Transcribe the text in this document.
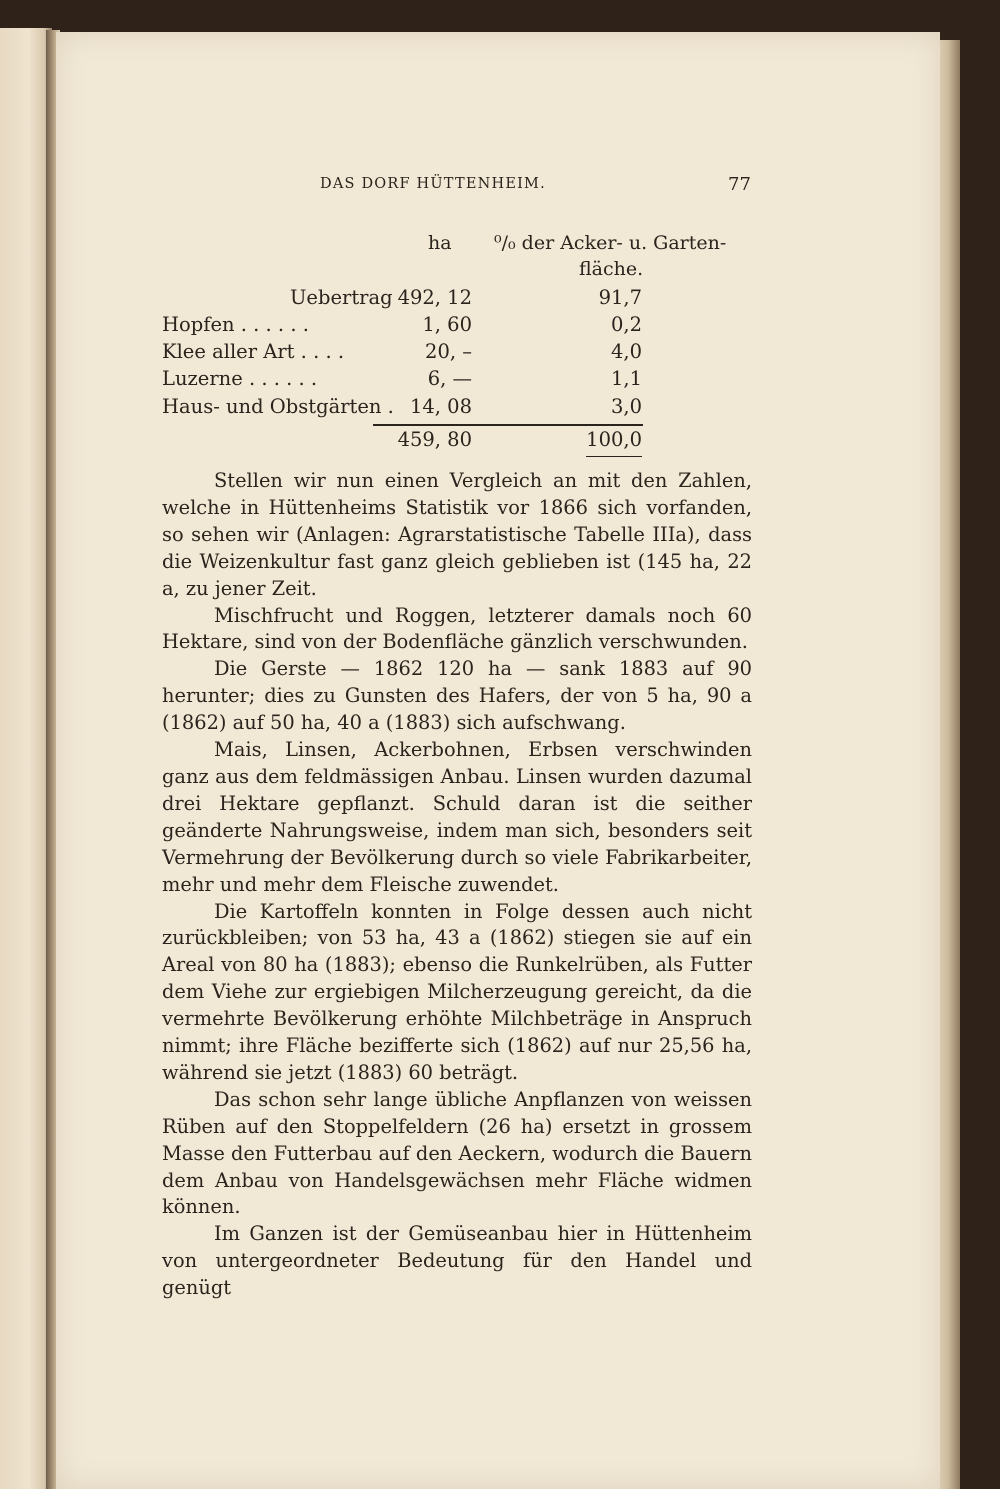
DAS DORF HÜTTENHEIM.	77
ha ⁰/₀ der Acker- u. Garten-
fläche.
Uebertrag 492, 12	91,7
Hopfen . . . . . .	1, 60	0,2
Klee aller Art . . . .	20, –	4,0
Luzerne . . . . . .	6, —	1,1
Haus- und Obstgärten . 14, 08	3,0
459, 80	100,0

Stellen wir nun einen Vergleich an mit den Zahlen, welche in Hüttenheims Statistik vor 1866 sich vorfanden, so sehen wir (Anlagen: Agrarstatistische Tabelle IIIa), dass die Weizenkultur fast ganz gleich geblieben ist (145 ha, 22 a, zu jener Zeit.

Mischfrucht und Roggen, letzterer damals noch 60 Hektare, sind von der Bodenfläche gänzlich verschwunden.

Die Gerste — 1862 120 ha — sank 1883 auf 90 herunter; dies zu Gunsten des Hafers, der von 5 ha, 90 a (1862) auf 50 ha, 40 a (1883) sich aufschwang.

Mais, Linsen, Ackerbohnen, Erbsen verschwinden ganz aus dem feldmässigen Anbau. Linsen wurden dazumal drei Hektare gepflanzt. Schuld daran ist die seither geänderte Nahrungsweise, indem man sich, besonders seit Vermehrung der Bevölkerung durch so viele Fabrikarbeiter, mehr und mehr dem Fleische zuwendet.

Die Kartoffeln konnten in Folge dessen auch nicht zurückbleiben; von 53 ha, 43 a (1862) stiegen sie auf ein Areal von 80 ha (1883); ebenso die Runkelrüben, als Futter dem Viehe zur ergiebigen Milcherzeugung gereicht, da die vermehrte Bevölkerung erhöhte Milchbeträge in Anspruch nimmt; ihre Fläche bezifferte sich (1862) auf nur 25,56 ha, während sie jetzt (1883) 60 beträgt.

Das schon sehr lange übliche Anpflanzen von weissen Rüben auf den Stoppelfeldern (26 ha) ersetzt in grossem Masse den Futterbau auf den Aeckern, wodurch die Bauern dem Anbau von Handelsgewächsen mehr Fläche widmen können.

Im Ganzen ist der Gemüseanbau hier in Hüttenheim von untergeordneter Bedeutung für den Handel und genügt
